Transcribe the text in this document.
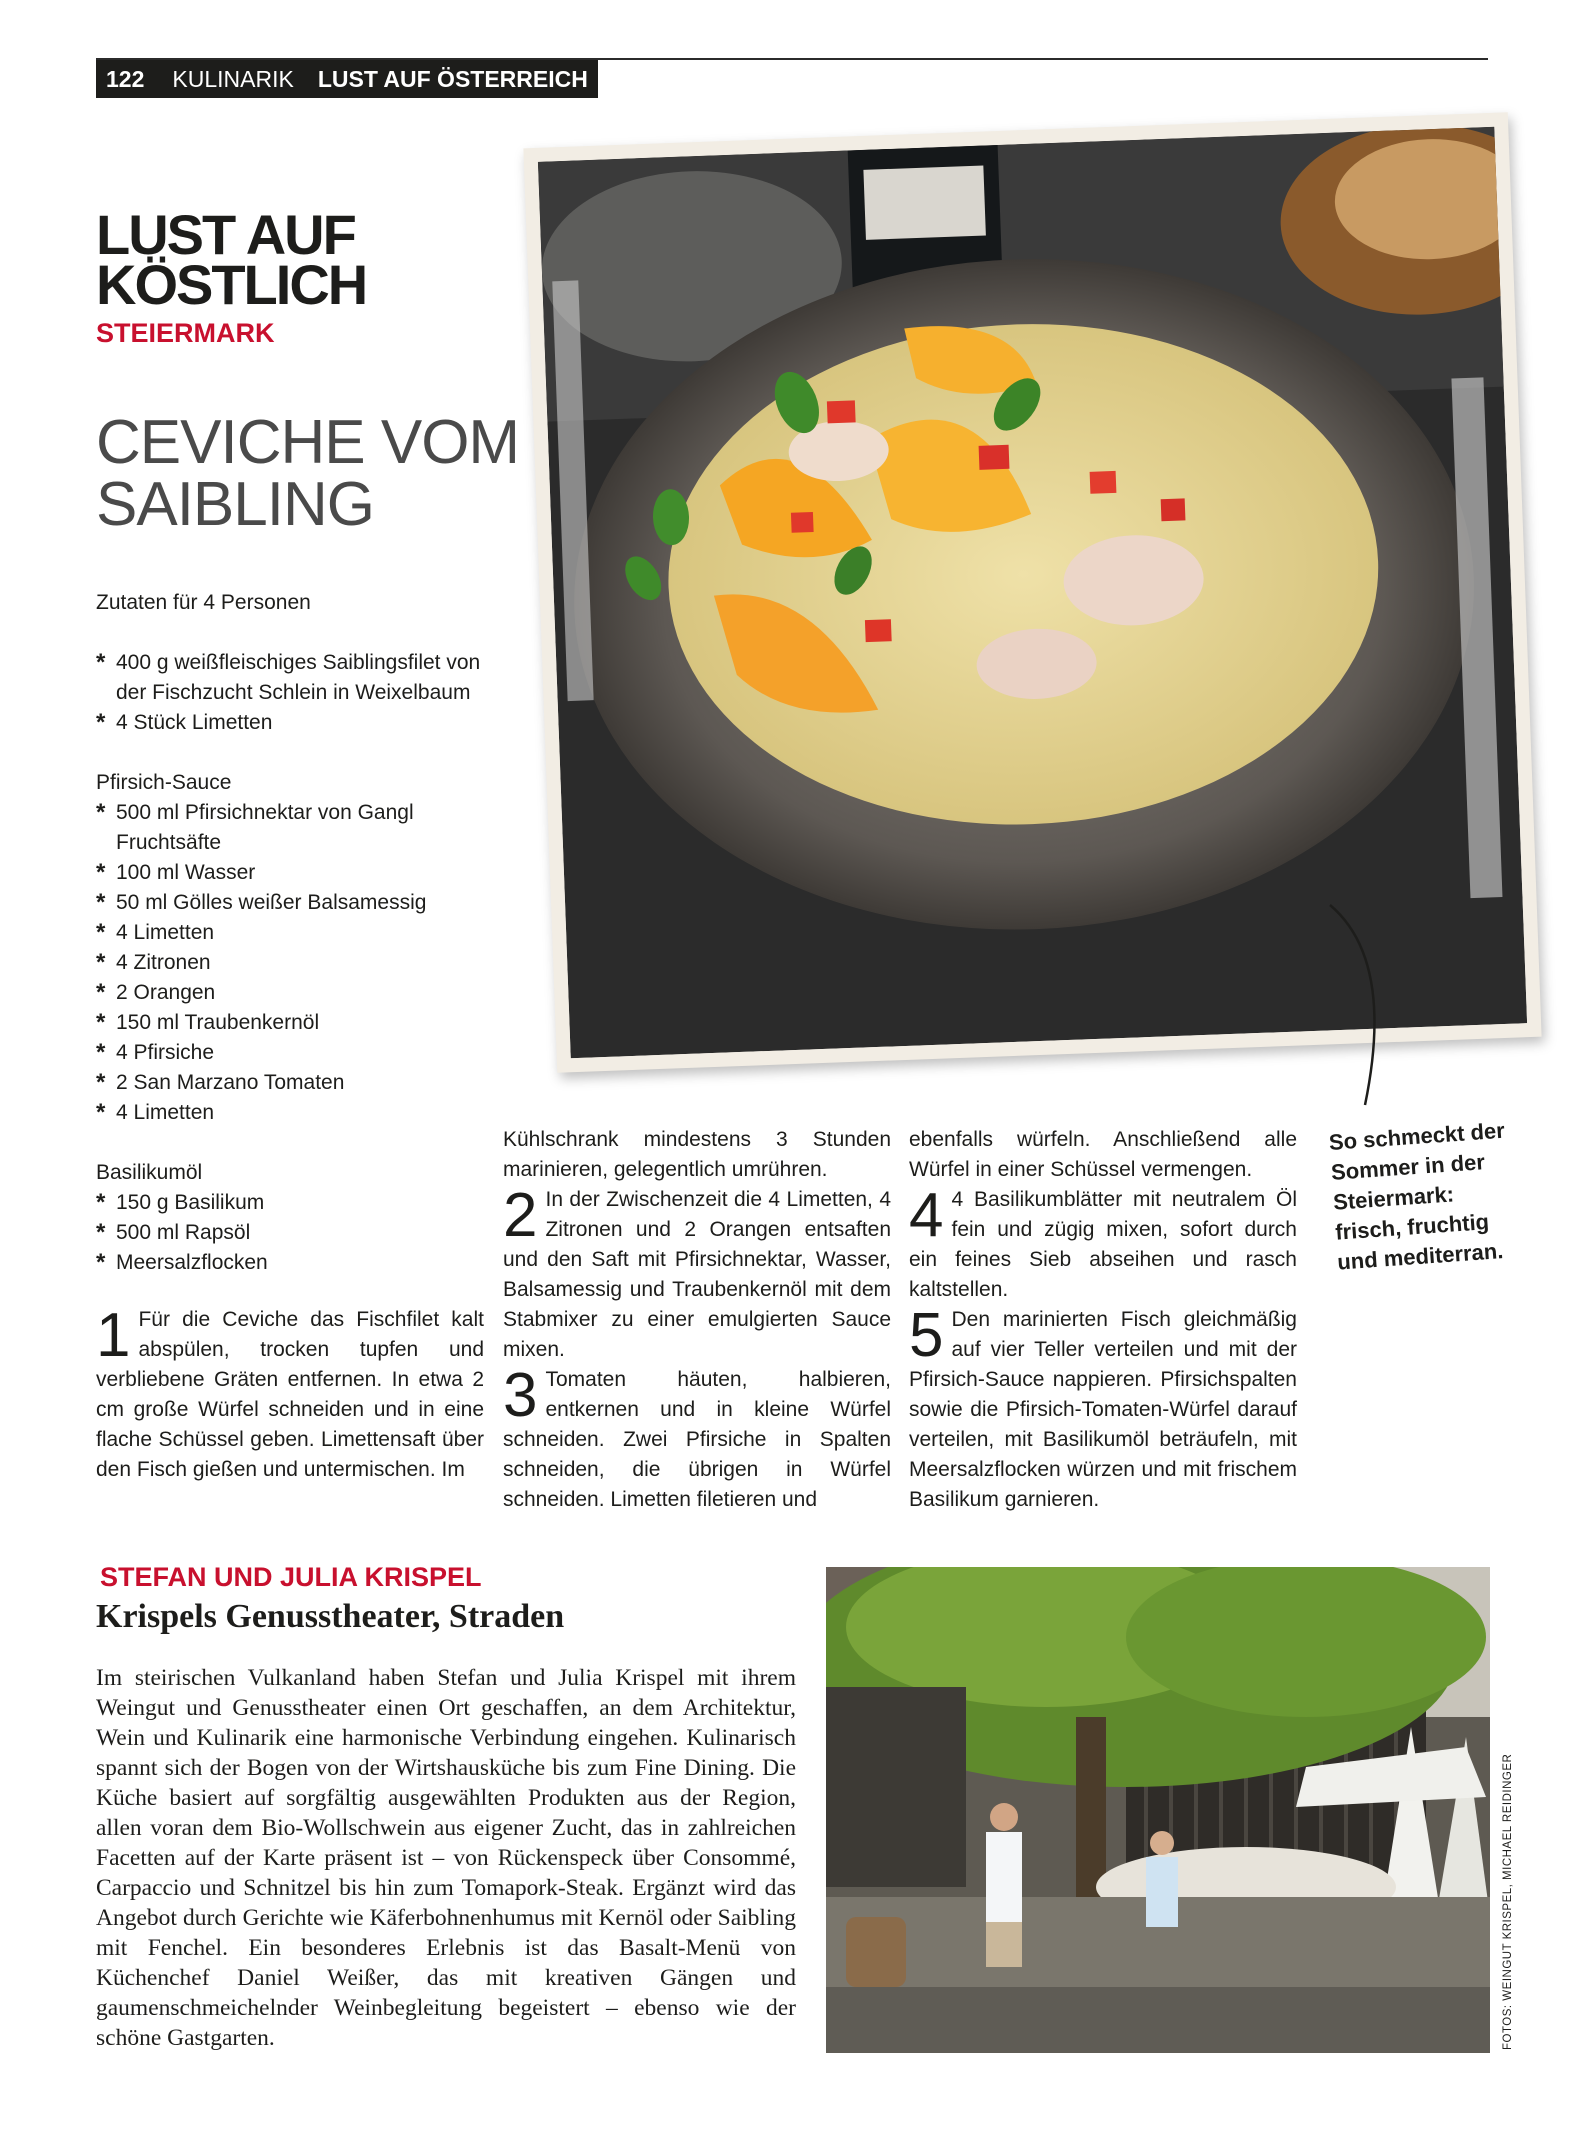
122 KULINARIK LUST AUF ÖSTERREICH
LUST AUF
KÖSTLICH
STEIERMARK
CEVICHE VOM
SAIBLING
Zutaten für 4 Personen
* 400 g weißfleischiges Saiblingsfilet von der Fischzucht Schlein in Weixelbaum
* 4 Stück Limetten
Pfirsich-Sauce
* 500 ml Pfirsichnektar von Gangl Fruchtsäfte
* 100 ml Wasser
* 50 ml Gölles weißer Balsamessig
* 4 Limetten
* 4 Zitronen
* 2 Orangen
* 150 ml Traubenkernöl
* 4 Pfirsiche
* 2 San Marzano Tomaten
* 4 Limetten
Basilikumöl
* 150 g Basilikum
* 500 ml Rapsöl
* Meersalzflocken

1 Für die Ceviche das Fischfilet kalt abspülen, trocken tupfen und verbliebene Gräten entfernen. In etwa 2 cm große Würfel schneiden und in eine flache Schüssel geben. Limettensaft über den Fisch gießen und untermischen. Im

Kühlschrank mindestens 3 Stunden marinieren, gelegentlich umrühren.

2 In der Zwischenzeit die 4 Limetten, 4 Zitronen und 2 Orangen entsaften und den Saft mit Pfirsichnektar, Wasser, Balsamessig und Traubenkernöl mit dem Stabmixer zu einer emulgierten Sauce mixen.

3 Tomaten häuten, halbieren, entkernen und in kleine Würfel schneiden. Zwei Pfirsiche in Spalten schneiden, die übrigen in Würfel schneiden. Limetten filetieren und

ebenfalls würfeln. Anschließend alle Würfel in einer Schüssel vermengen.

4 4 Basilikumblätter mit neutralem Öl fein und zügig mixen, sofort durch ein feines Sieb abseihen und rasch kaltstellen.

5 Den marinierten Fisch gleichmäßig auf vier Teller verteilen und mit der Pfirsich-Sauce nappieren. Pfirsichspalten sowie die Pfirsich-Tomaten-Würfel darauf verteilen, mit Basilikumöl beträufeln, mit Meersalzflocken würzen und mit frischem Basilikum garnieren.

So schmeckt der
Sommer in der
Steiermark:
frisch, fruchtig
und mediterran.
STEFAN UND JULIA KRISPEL
Krispels Genusstheater, Straden

Im steirischen Vulkanland haben Stefan und Julia Krispel mit ihrem Weingut und Genusstheater einen Ort geschaffen, an dem Architektur, Wein und Kulinarik eine harmonische Verbindung eingehen. Kulinarisch spannt sich der Bogen von der Wirtshausküche bis zum Fine Dining. Die Küche basiert auf sorgfältig ausgewählten Produkten aus der Region, allen voran dem Bio-Wollschwein aus eigener Zucht, das in zahlreichen Facetten auf der Karte präsent ist – von Rückenspeck über Consommé, Carpaccio und Schnitzel bis hin zum Tomapork-Steak. Ergänzt wird das Angebot durch Gerichte wie Käferbohnenhumus mit Kernöl oder Saibling mit Fenchel. Ein besonderes Erlebnis ist das Basalt-Menü von Küchenchef Daniel Weißer, das mit kreativen Gängen und gaumenschmeichelnder Weinbegleitung begeistert – ebenso wie der schöne Gastgarten.	FOTOS: WEINGUT KRISPEL, MICHAEL REIDINGER
